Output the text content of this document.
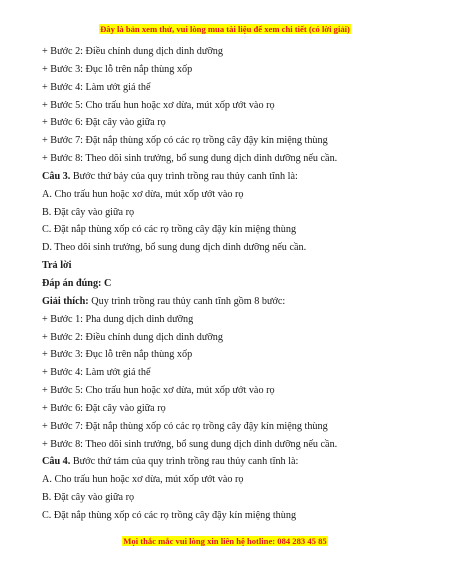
Đây là bản xem thử, vui lòng mua tài liệu để xem chi tiết (có lời giải)
+ Bước 2: Điều chỉnh dung dịch dinh dưỡng
+ Bước 3: Đục lỗ trên nắp thùng xốp
+ Bước 4: Làm ướt giá thể
+ Bước 5: Cho trấu hun hoặc xơ dừa, mút xốp ướt vào rọ
+ Bước 6: Đặt cây vào giữa rọ
+ Bước 7: Đặt nắp thùng xốp có các rọ trồng cây đậy kín miệng thùng
+ Bước 8: Theo dõi sinh trưởng, bổ sung dung dịch dinh dưỡng nếu cần.
Câu 3. Bước thứ bảy của quy trình trồng rau thủy canh tĩnh là:
A. Cho trấu hun hoặc xơ dừa, mút xốp ướt vào rọ
B. Đặt cây vào giữa rọ
C. Đặt nắp thùng xốp có các rọ trồng cây đậy kín miệng thùng
D. Theo dõi sinh trưởng, bổ sung dung dịch dinh dưỡng nếu cần.
Trả lời
Đáp án đúng: C
Giải thích: Quy trình trồng rau thủy canh tĩnh gồm 8 bước:
+ Bước 1: Pha dung dịch dinh dưỡng
+ Bước 2: Điều chỉnh dung dịch dinh dưỡng
+ Bước 3: Đục lỗ trên nắp thùng xốp
+ Bước 4: Làm ướt giá thể
+ Bước 5: Cho trấu hun hoặc xơ dừa, mút xốp ướt vào rọ
+ Bước 6: Đặt cây vào giữa rọ
+ Bước 7: Đặt nắp thùng xốp có các rọ trồng cây đậy kín miệng thùng
+ Bước 8: Theo dõi sinh trưởng, bổ sung dung dịch dinh dưỡng nếu cần.
Câu 4. Bước thứ tám của quy trình trồng rau thủy canh tĩnh là:
A. Cho trấu hun hoặc xơ dừa, mút xốp ướt vào rọ
B. Đặt cây vào giữa rọ
C. Đặt nắp thùng xốp có các rọ trồng cây đậy kín miệng thùng
Mọi thắc mắc vui lòng xin liên hệ hotline: 084 283 45 85
